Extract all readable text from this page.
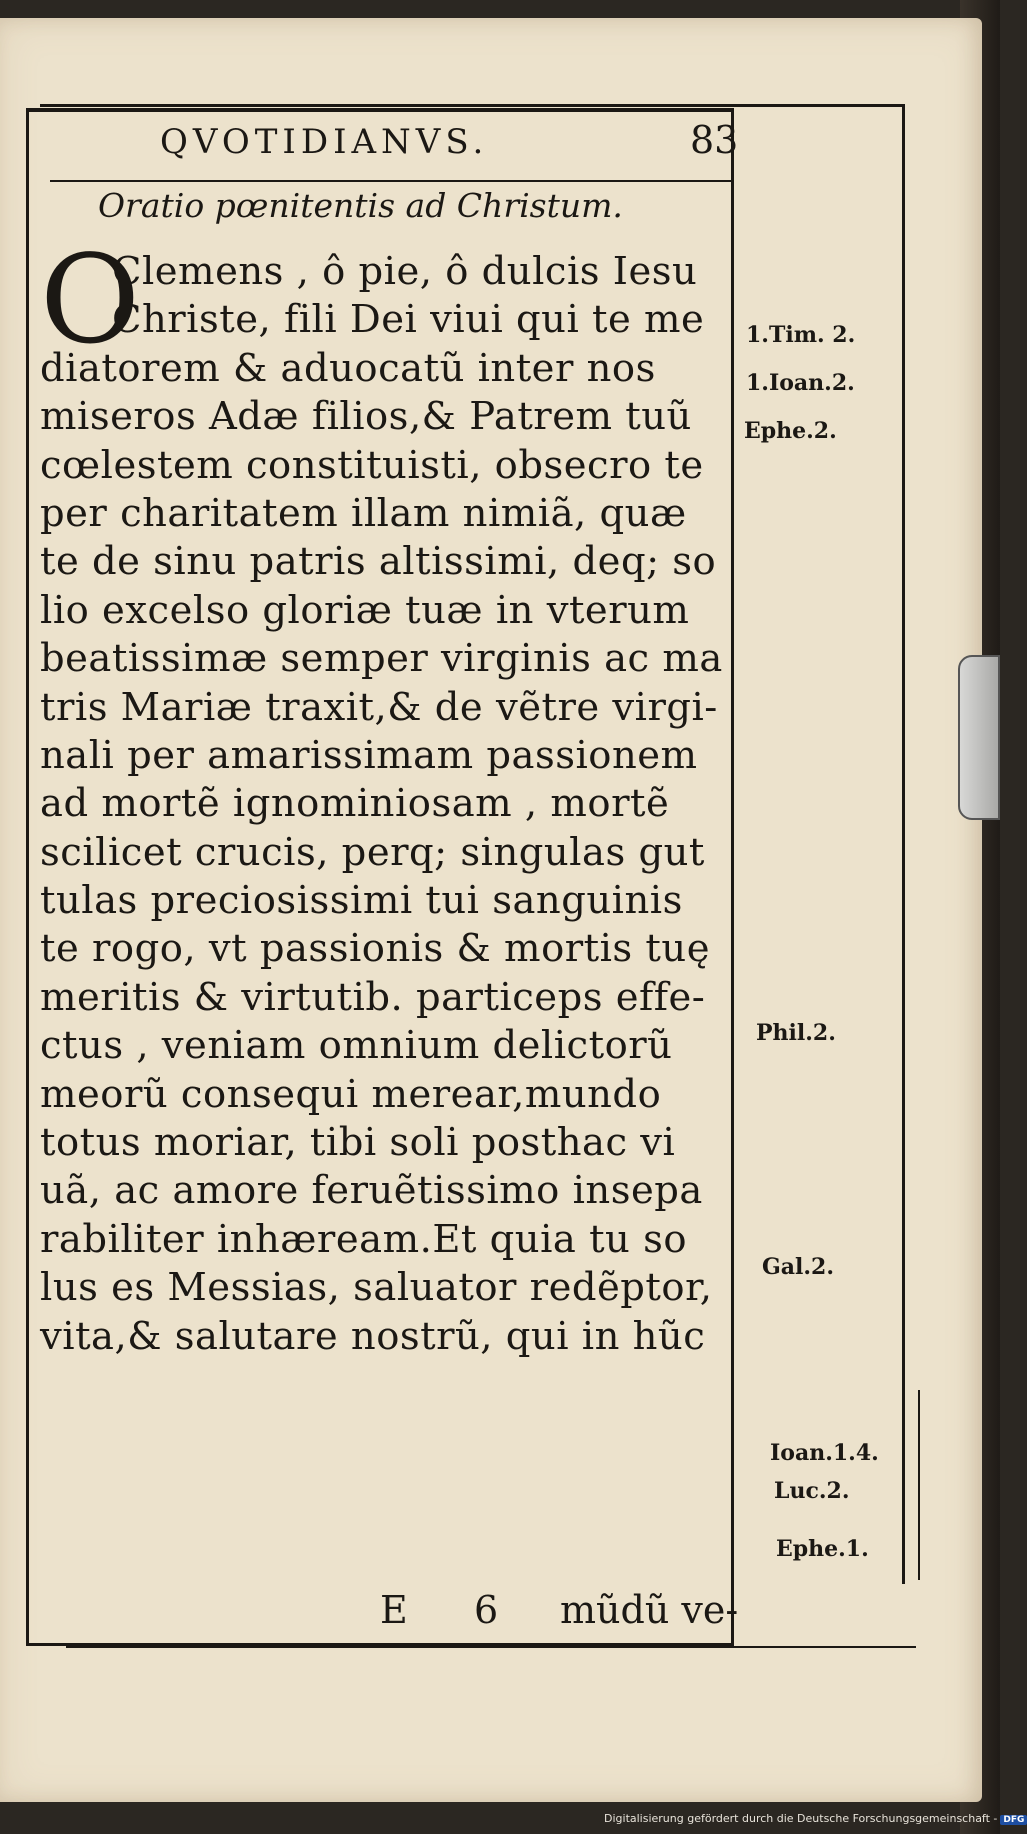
QVOTIDIANVS.	83
Oratio pœnitentis ad Christum.
O
Clemens , ô pie, ô dulcis Iesu
Christe, fili Dei viui qui te me
diatorem & aduocatũ inter nos
miseros Adæ filios,& Patrem tuũ
cœlestem constituisti, obsecro te
per charitatem illam nimiã, quæ
te de sinu patris altissimi, deq; so
lio excelso gloriæ tuæ in vterum
beatissimæ semper virginis ac ma
tris Mariæ traxit,& de vẽtre virgi-
nali per amarissimam passionem
ad mortẽ ignominiosam , mortẽ
scilicet crucis, perq; singulas gut
tulas preciosissimi tui sanguinis
te rogo, vt passionis & mortis tuę
meritis & virtutib. particeps effe-
ctus , veniam omnium delictorũ
meorũ consequi merear,mundo
totus moriar, tibi soli posthac vi
uã, ac amore feruẽtissimo insepa
rabiliter inhæream.Et quia tu so
lus es Messias, saluator redẽptor,
vita,& salutare nostrũ, qui in hũc
1.Tim. 2.
1.Ioan.2.
Ephe.2.
Phil.2.
Gal.2.
Ioan.1.4.
Luc.2.
Ephe.1.
E 6 mũdũ ve-
Digitalisierung gefördert durch die Deutsche Forschungsgemeinschaft - DFG
